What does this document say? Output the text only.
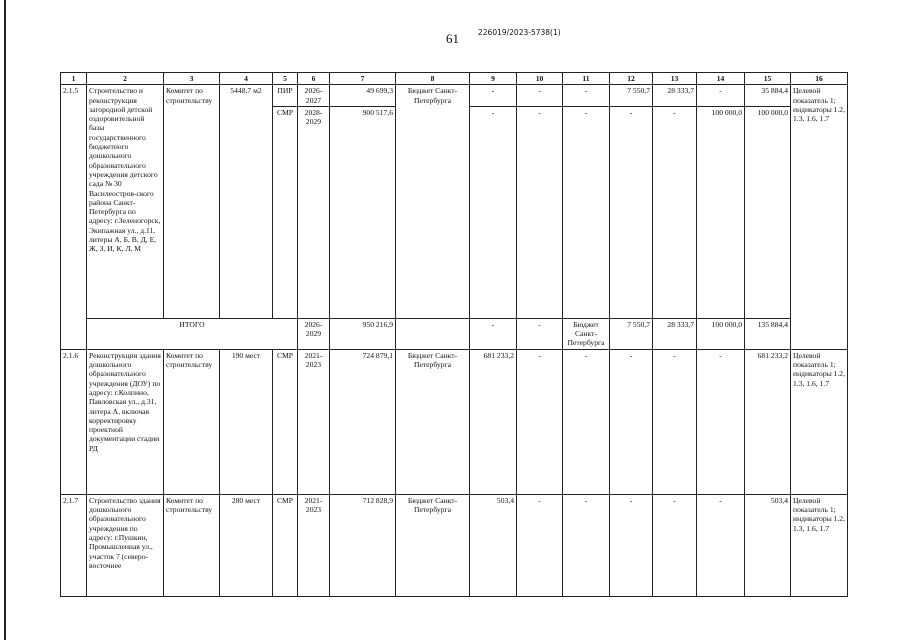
61	226019/2023-5738(1)
1	2	3	4	5	6	7	8	9	10	11	12	13	14	15	16
2.1.5	Строительство и реконструкция загородной детской оздоровительной базы государственного бюджетного дошкольного образовательного учреждения детского сада № 30 Василеостров-ского района Санкт-Петербурга по адресу: г.Зеленогорск, Экипажная ул., д.11, литеры А, Б, В, Д, Е, Ж, З, И, К, Л, М	Комитет по строительству	5448,7 м2	ПИР	2026-2027	49 699,3	Бюджет Санкт-Петербурга	-	-	-	7 550,7	28 333,7	-	35 884,4	Целевой показатель 1; индикаторы 1.2, 1.3, 1.6, 1.7
				СМР	2028-2029	900 517,6		-	-	-	-	-	100 000,0	100 000,0	
	ИТОГО				2026-2029	950 216,9		-	-	Бюджет Санкт-Петербурга	7 550,7	28 333,7	100 000,0	135 884,4	
2.1.6	Реконструкция здания дошкольного образовательного учреждения (ДОУ) по адресу: г.Колпино, Павловская ул., д.31, литера А, включая корректировку проектной документации стадии РД	Комитет по строительству	190 мест	СМР	2021-2023	724 879,1	Бюджет Санкт-Петербурга	681 233,2	-	-	-	-	-	681 233,2	Целевой показатель 1; индикаторы 1.2, 1.3, 1.6, 1.7
2.1.7	Строительство здания дошкольного образовательного учреждения по адресу: г.Пушкин, Промышленная ул., участок 7 (северо-восточнее	Комитет по строительству	280 мест	СМР	2021-2023	712 828,9	Бюджет Санкт-Петербурга	503,4	-	-	-	-	-	503,4	Целевой показатель 1; индикаторы 1.2, 1.3, 1.6, 1.7
